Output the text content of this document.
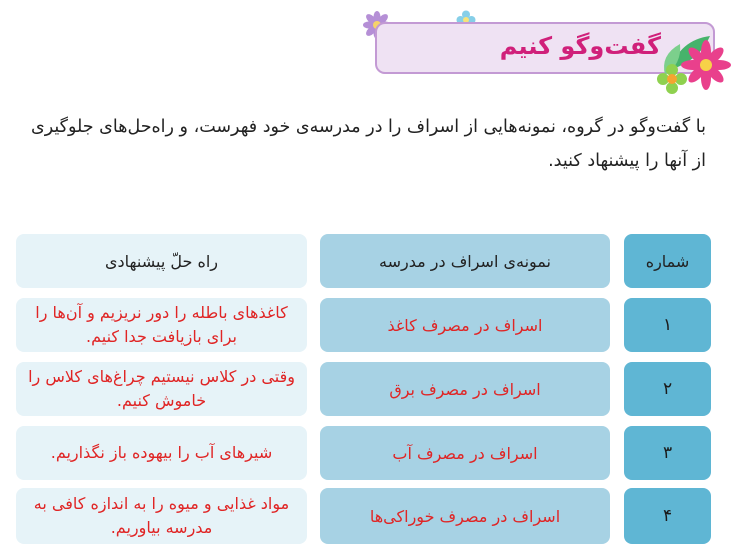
گفت‌وگو کنیم

با گفت‌وگو در گروه، نمونه‌هایی از اسراف را در مدرسه‌ی خود فهرست، و راه‌حل‌های جلوگیری از آنها را پیشنهاد کنید.

شماره
نمونه‌ی اسراف در مدرسه
راه حلّ پیشنهادی
۱
اسراف در مصرف کاغذ
کاغذهای باطله را دور نریزیم و آن‌ها را برای بازیافت جدا کنیم.
۲
اسراف در مصرف برق
وقتی در کلاس نیستیم چراغ‌های کلاس را خاموش کنیم.
۳
اسراف در مصرف آب
شیرهای آب را بیهوده باز نگذاریم.
۴
اسراف در مصرف خوراکی‌ها
مواد غذایی و میوه را به اندازه کافی به مدرسه بیاوریم.
